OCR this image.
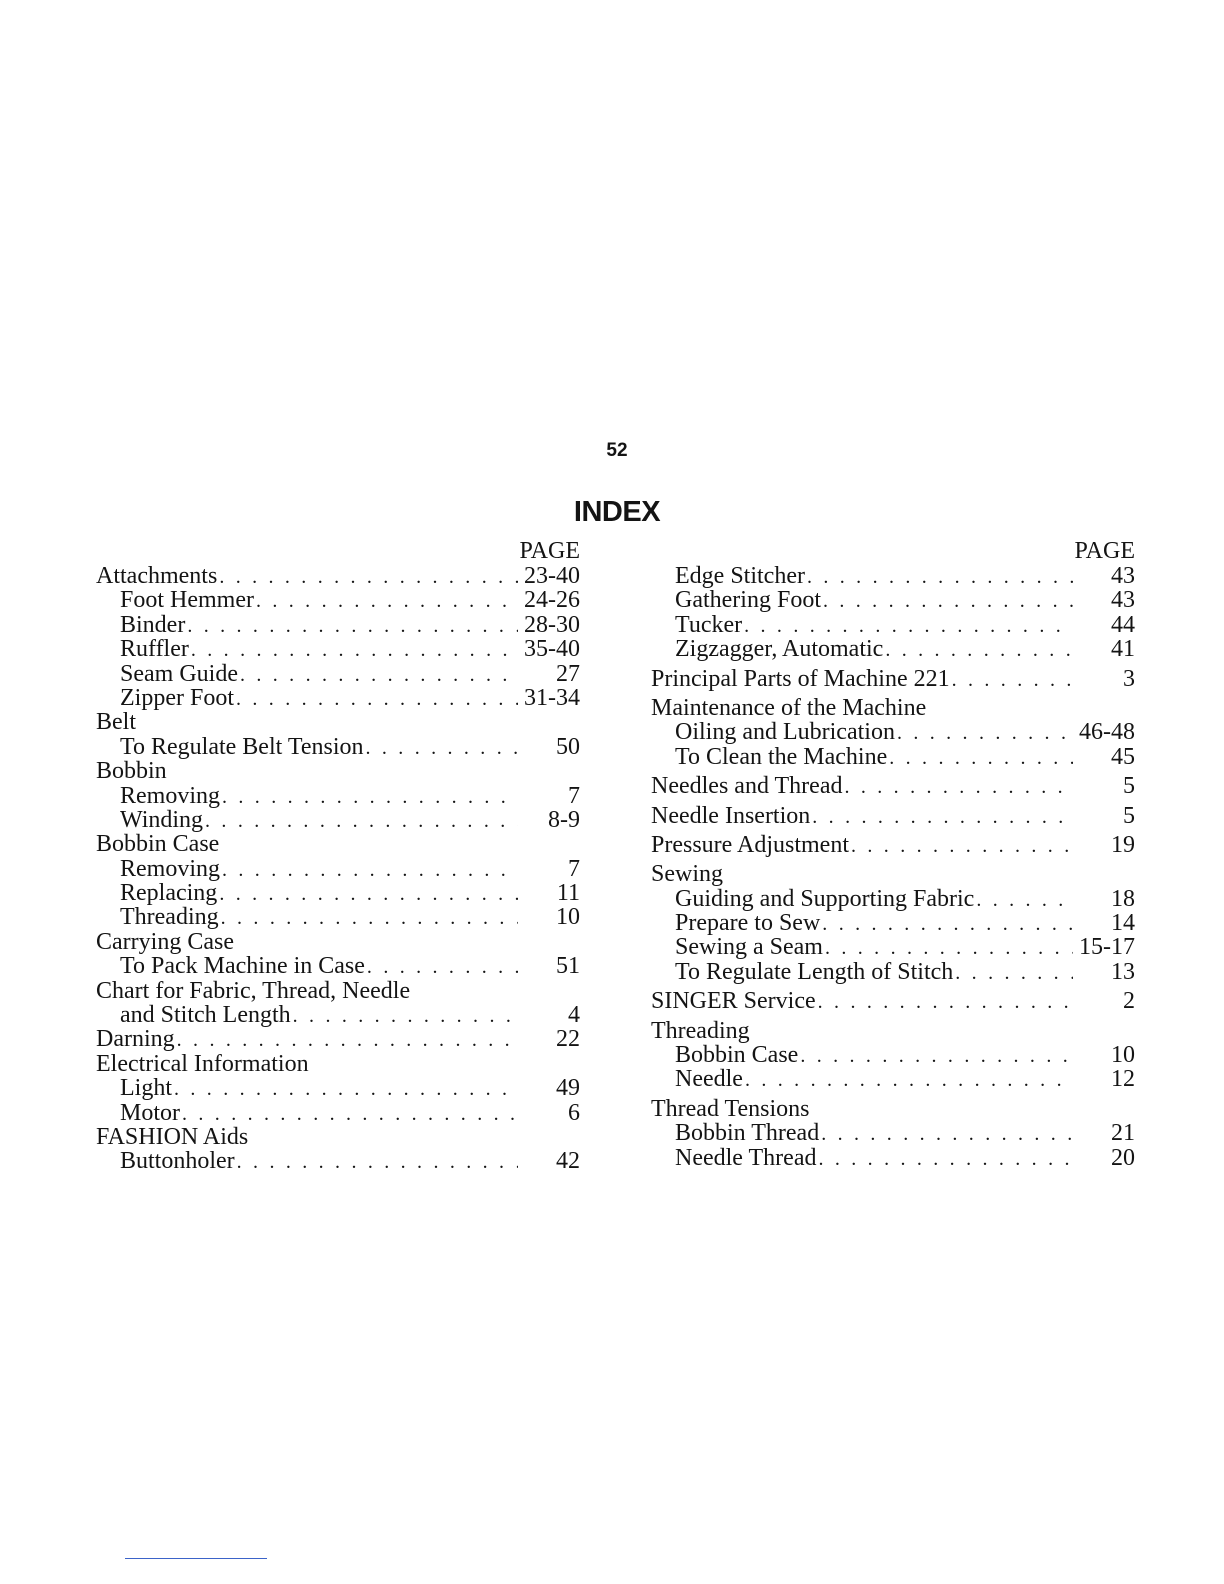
52
INDEX
PAGE
Attachments . . .	23-40
Foot Hemmer . . .	24-26
Binder . . .	28-30
Ruffler . . .	35-40
Seam Guide . . .	27
Zipper Foot . . .	31-34
Belt
To Regulate Belt Tension . . .	50
Bobbin
Removing . . .	7
Winding . . .	8-9
Bobbin Case
Removing . . .	7
Replacing . . .	11
Threading . . .	10
Carrying Case
To Pack Machine in Case . . .	51
Chart for Fabric, Thread, Needle
and Stitch Length . . .	4
Darning . . .	22
Electrical Information
Light . . .	49
Motor . . .	6
FASHION Aids
Buttonholer . . .	42
PAGE
Edge Stitcher . . .	43
Gathering Foot . . .	43
Tucker . . .	44
Zigzagger, Automatic . . .	41
Principal Parts of Machine 221 . . .	3
Maintenance of the Machine
Oiling and Lubrication . . .	46-48
To Clean the Machine . . .	45
Needles and Thread . . .	5
Needle Insertion . . .	5
Pressure Adjustment . . .	19
Sewing
Guiding and Supporting Fabric . . .	18
Prepare to Sew . . .	14
Sewing a Seam . . .	15-17
To Regulate Length of Stitch . . .	13
SINGER Service . . .	2
Threading
Bobbin Case . . .	10
Needle . . .	12
Thread Tensions
Bobbin Thread . . .	21
Needle Thread . . .	20
